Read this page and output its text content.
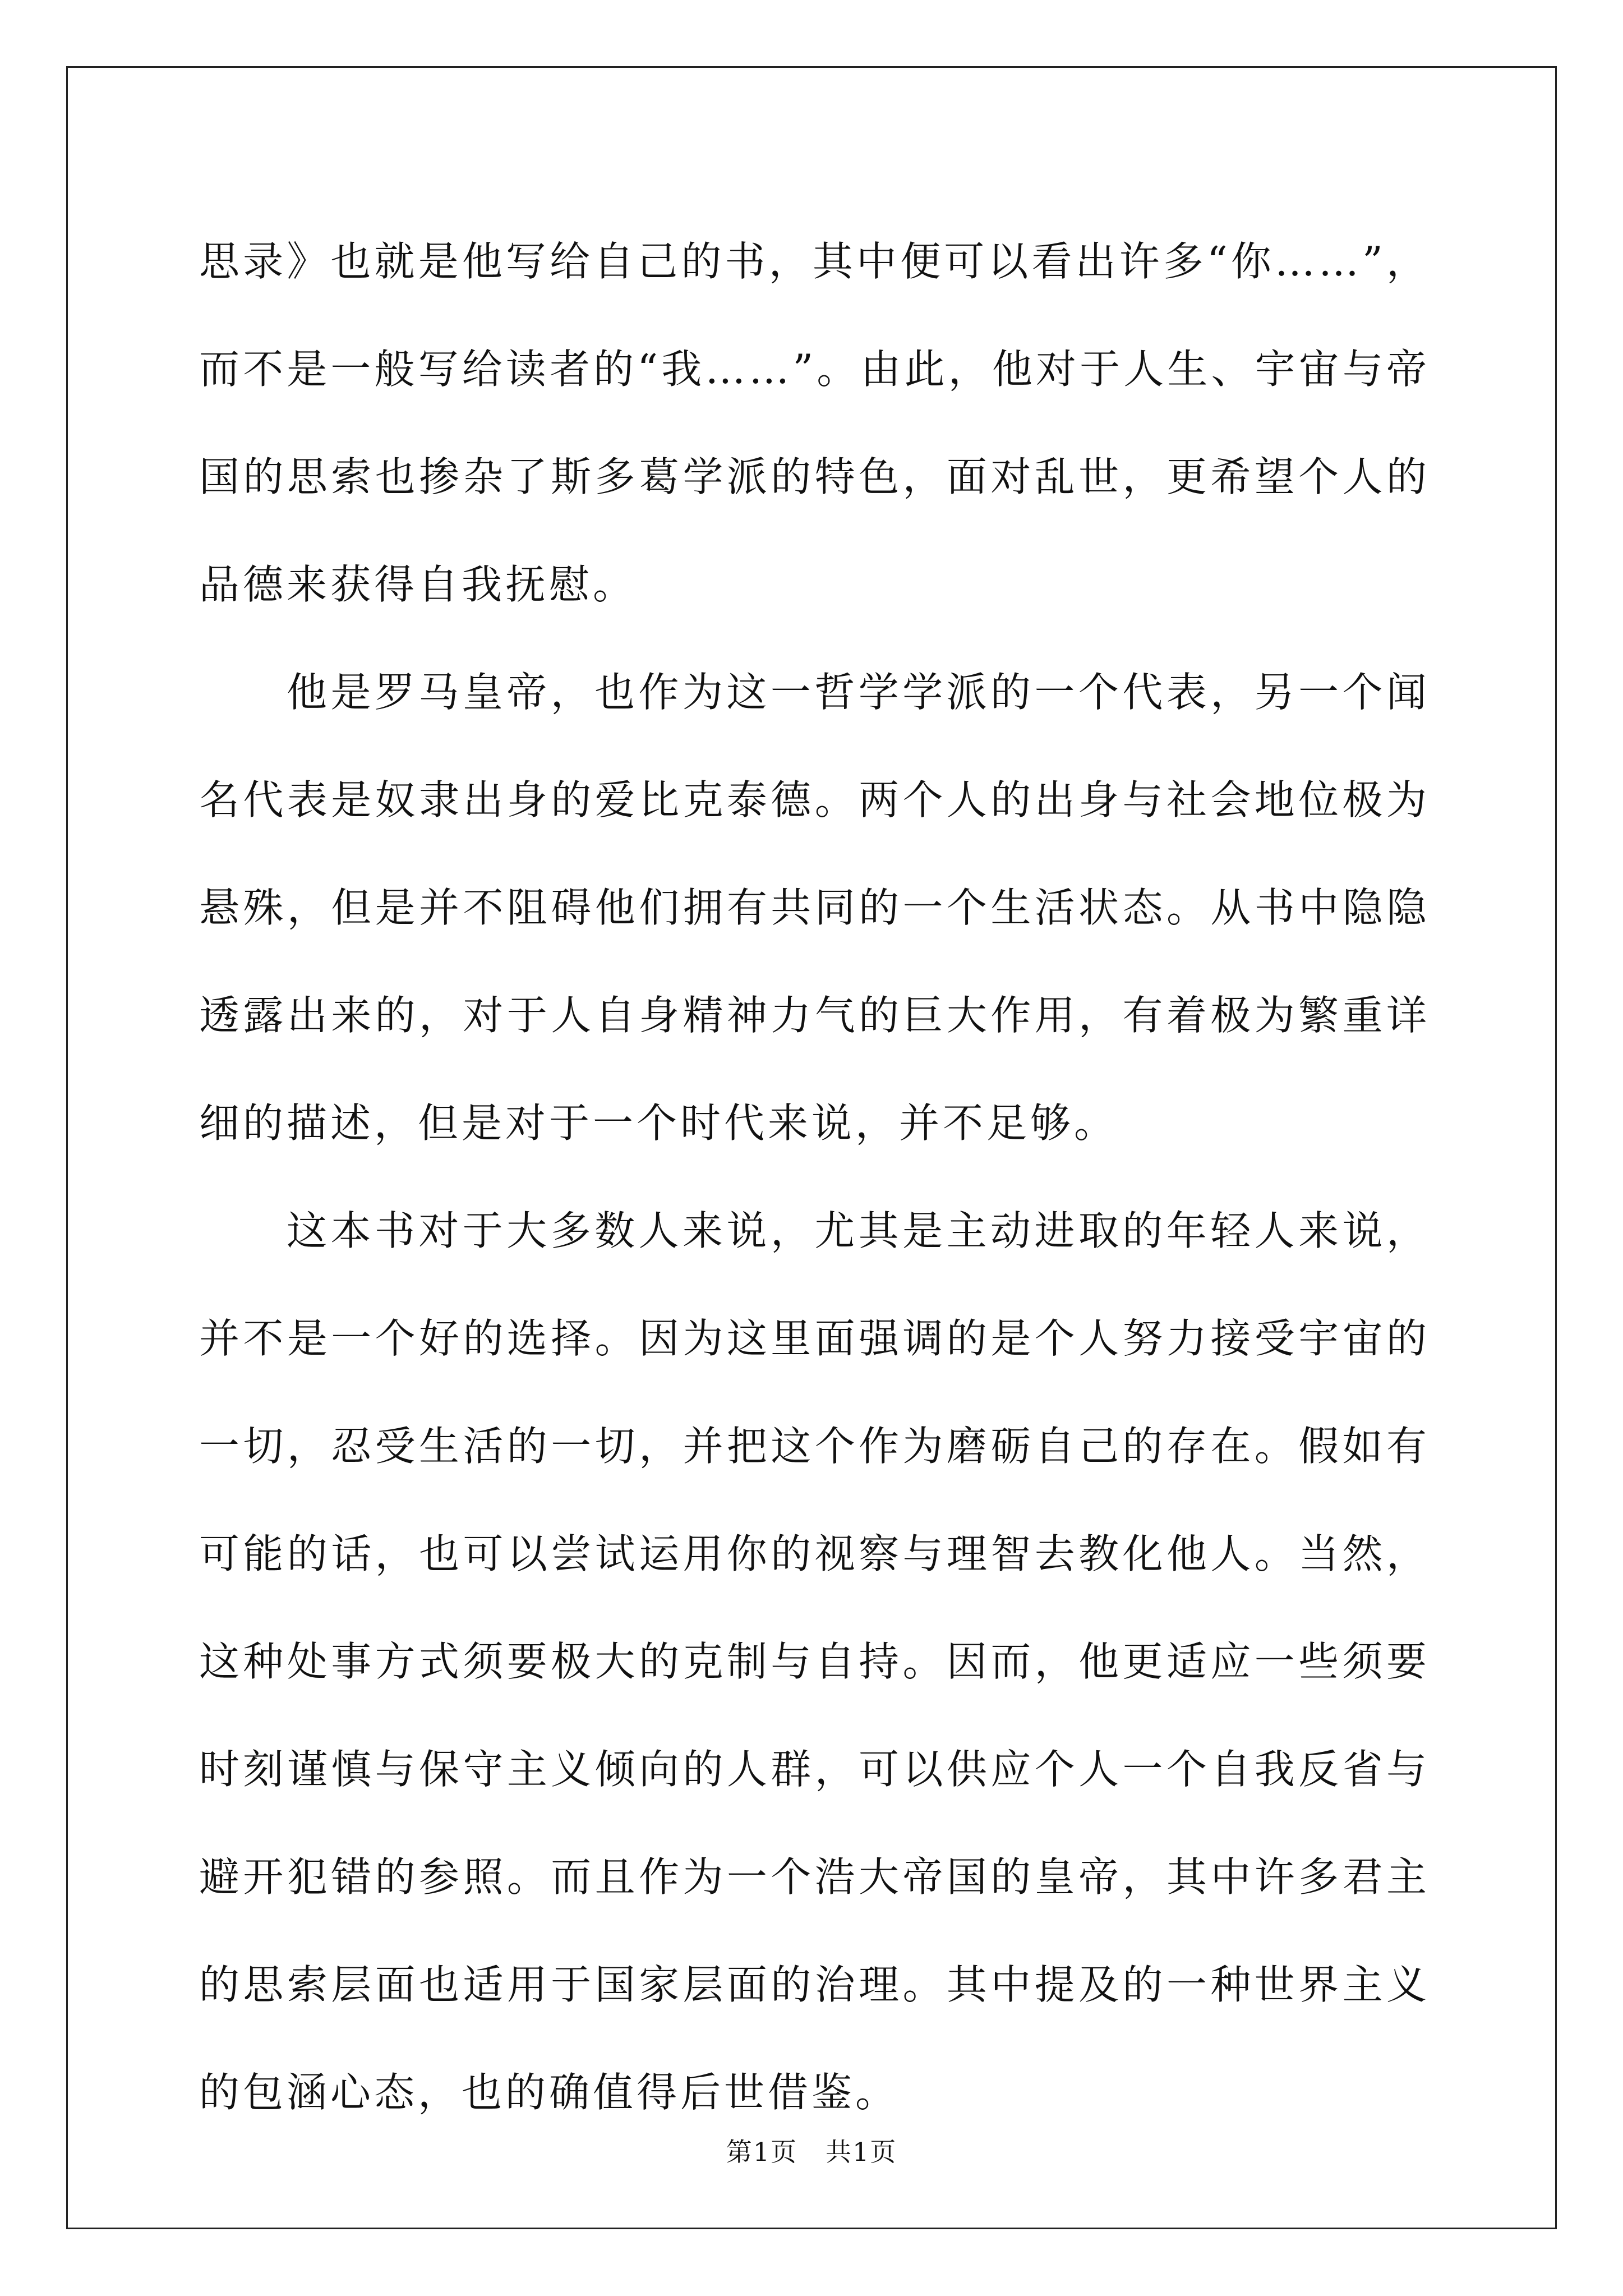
思录》也就是他写给自己的书，其中便可以看出许多“你……”，而不是一般写给读者的“我……”。由此，他对于人生、宇宙与帝国的思索也掺杂了斯多葛学派的特色，面对乱世，更希望个人的品德来获得自我抚慰。

他是罗马皇帝，也作为这一哲学学派的一个代表，另一个闻名代表是奴隶出身的爱比克泰德。两个人的出身与社会地位极为悬殊，但是并不阻碍他们拥有共同的一个生活状态。从书中隐隐透露出来的，对于人自身精神力气的巨大作用，有着极为繁重详细的描述，但是对于一个时代来说，并不足够。

这本书对于大多数人来说，尤其是主动进取的年轻人来说，并不是一个好的选择。因为这里面强调的是个人努力接受宇宙的一切，忍受生活的一切，并把这个作为磨砺自己的存在。假如有可能的话，也可以尝试运用你的视察与理智去教化他人。当然，这种处事方式须要极大的克制与自持。因而，他更适应一些须要时刻谨慎与保守主义倾向的人群，可以供应个人一个自我反省与避开犯错的参照。而且作为一个浩大帝国的皇帝，其中许多君主的思索层面也适用于国家层面的治理。其中提及的一种世界主义的包涵心态，也的确值得后世借鉴。

第1页 共1页
